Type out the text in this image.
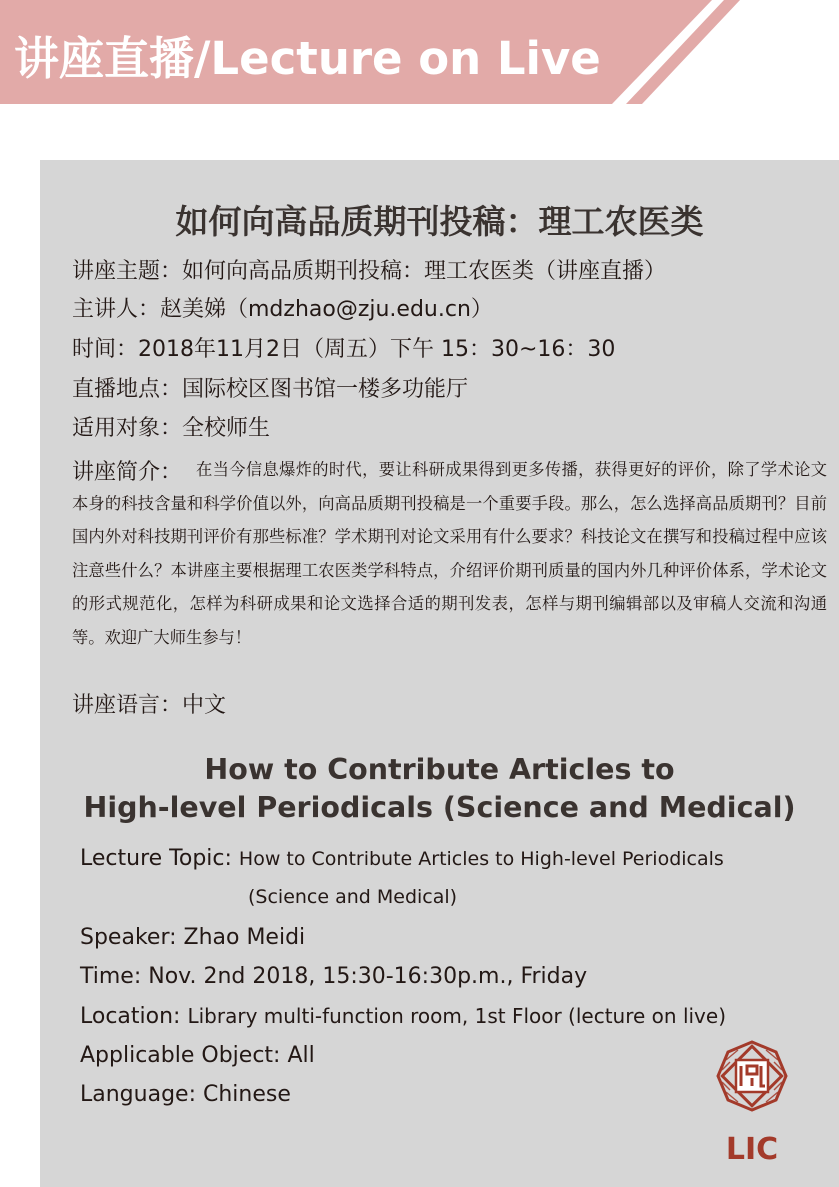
讲座直播/Lecture on Live
如何向高品质期刊投稿：理工农医类
讲座主题：如何向高品质期刊投稿：理工农医类（讲座直播）
主讲人：赵美娣（mdzhao@zju.edu.cn）
时间：2018年11月2日（周五）下午 15：30~16：30
直播地点：国际校区图书馆一楼多功能厅
适用对象：全校师生
讲座简介： 在当今信息爆炸的时代，要让科研成果得到更多传播，获得更好的评价，除了学术论文本身的科技含量和科学价值以外，向高品质期刊投稿是一个重要手段。那么，怎么选择高品质期刊？目前国内外对科技期刊评价有那些标准？学术期刊对论文采用有什么要求？科技论文在撰写和投稿过程中应该注意些什么？本讲座主要根据理工农医类学科特点，介绍评价期刊质量的国内外几种评价体系，学术论文的形式规范化，怎样为科研成果和论文选择合适的期刊发表，怎样与期刊编辑部以及审稿人交流和沟通等。欢迎广大师生参与！
讲座语言：中文
How to Contribute Articles to
High-level Periodicals (Science and Medical)
Lecture Topic: How to Contribute Articles to High-level Periodicals
(Science and Medical)
Speaker: Zhao Meidi
Time: Nov. 2nd 2018, 15:30-16:30p.m., Friday
Location: Library multi-function room, 1st Floor (lecture on live)
Applicable Object: All
Language: Chinese
LIC
